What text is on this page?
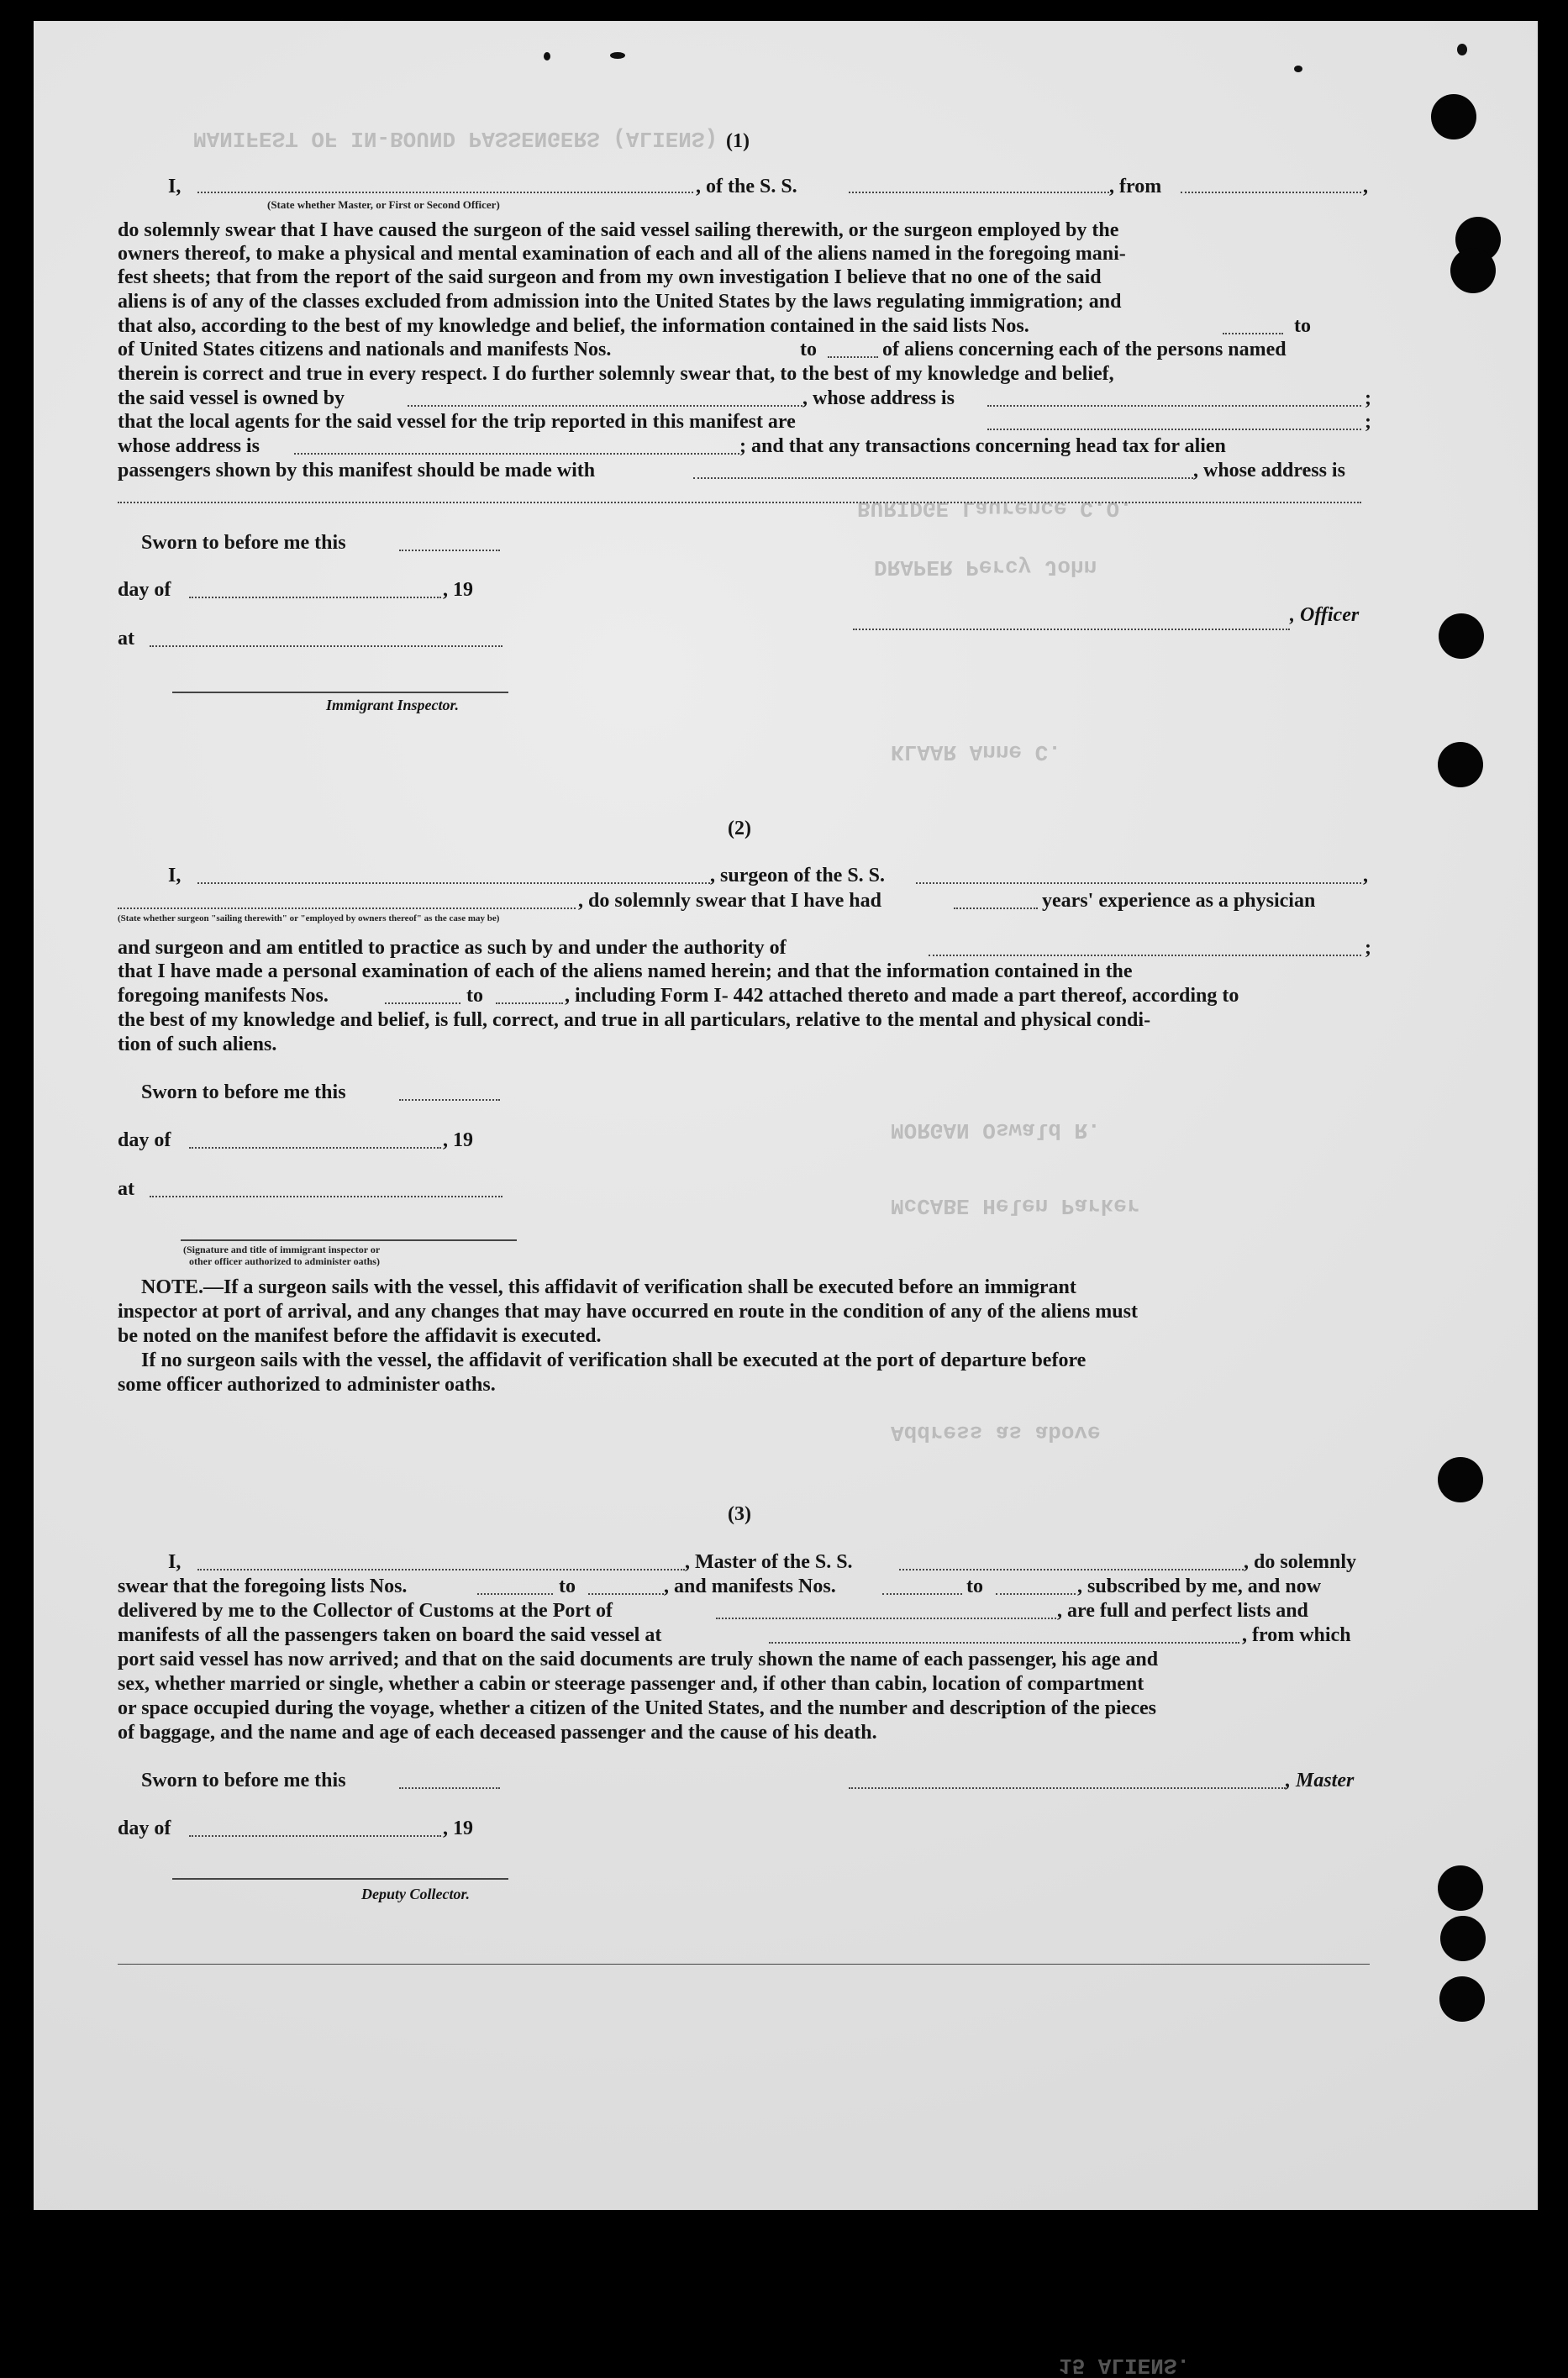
MANIFEST OF IN-BOUND PASSENGERS (ALIENS)
BURIDGE Laurence C.O.
DRAPER Percy John
KLAAR Anne C.
MORGAN Oswald R.
McCABE Helen Parker
Address as above
15 ALIENS.
(1)
I,	, of the S. S.	, from	,
(State whether Master, or First or Second Officer)
do solemnly swear that I have caused the surgeon of the said vessel sailing therewith, or the surgeon employed by the
owners thereof, to make a physical and mental examination of each and all of the aliens named in the foregoing mani-
fest sheets; that from the report of the said surgeon and from my own investigation I believe that no one of the said
aliens is of any of the classes excluded from admission into the United States by the laws regulating immigration; and
that also, according to the best of my knowledge and belief, the information contained in the said lists Nos.	to
of United States citizens and nationals and manifests Nos.	to	of aliens concerning each of the persons named
therein is correct and true in every respect. I do further solemnly swear that, to the best of my knowledge and belief,
the said vessel is owned by	, whose address is	;
that the local agents for the said vessel for the trip reported in this manifest are	;
whose address is	; and that any transactions concerning head tax for alien
passengers shown by this manifest should be made with	, whose address is
Sworn to before me this
day of	, 19
at
, Officer
Immigrant Inspector.
(2)
I,	, surgeon of the S. S.	,
, do solemnly swear that I have had	years' experience as a physician
(State whether surgeon "sailing therewith" or "employed by owners thereof" as the case may be)
and surgeon and am entitled to practice as such by and under the authority of	;
that I have made a personal examination of each of the aliens named herein; and that the information contained in the
foregoing manifests Nos.	to	, including Form I- 442 attached thereto and made a part thereof, according to
the best of my knowledge and belief, is full, correct, and true in all particulars, relative to the mental and physical condi-
tion of such aliens.
Sworn to before me this
day of	, 19
at
(Signature and title of immigrant inspector or
other officer authorized to administer oaths)
NOTE.—If a surgeon sails with the vessel, this affidavit of verification shall be executed before an immigrant
inspector at port of arrival, and any changes that may have occurred en route in the condition of any of the aliens must
be noted on the manifest before the affidavit is executed.
If no surgeon sails with the vessel, the affidavit of verification shall be executed at the port of departure before
some officer authorized to administer oaths.
(3)
I,	, Master of the S. S.	, do solemnly
swear that the foregoing lists Nos.	to	, and manifests Nos.	to	, subscribed by me, and now
delivered by me to the Collector of Customs at the Port of	, are full and perfect lists and
manifests of all the passengers taken on board the said vessel at	, from which
port said vessel has now arrived; and that on the said documents are truly shown the name of each passenger, his age and
sex, whether married or single, whether a cabin or steerage passenger and, if other than cabin, location of compartment
or space occupied during the voyage, whether a citizen of the United States, and the number and description of the pieces
of baggage, and the name and age of each deceased passenger and the cause of his death.
Sworn to before me this	, Master
day of	, 19
Deputy Collector.
